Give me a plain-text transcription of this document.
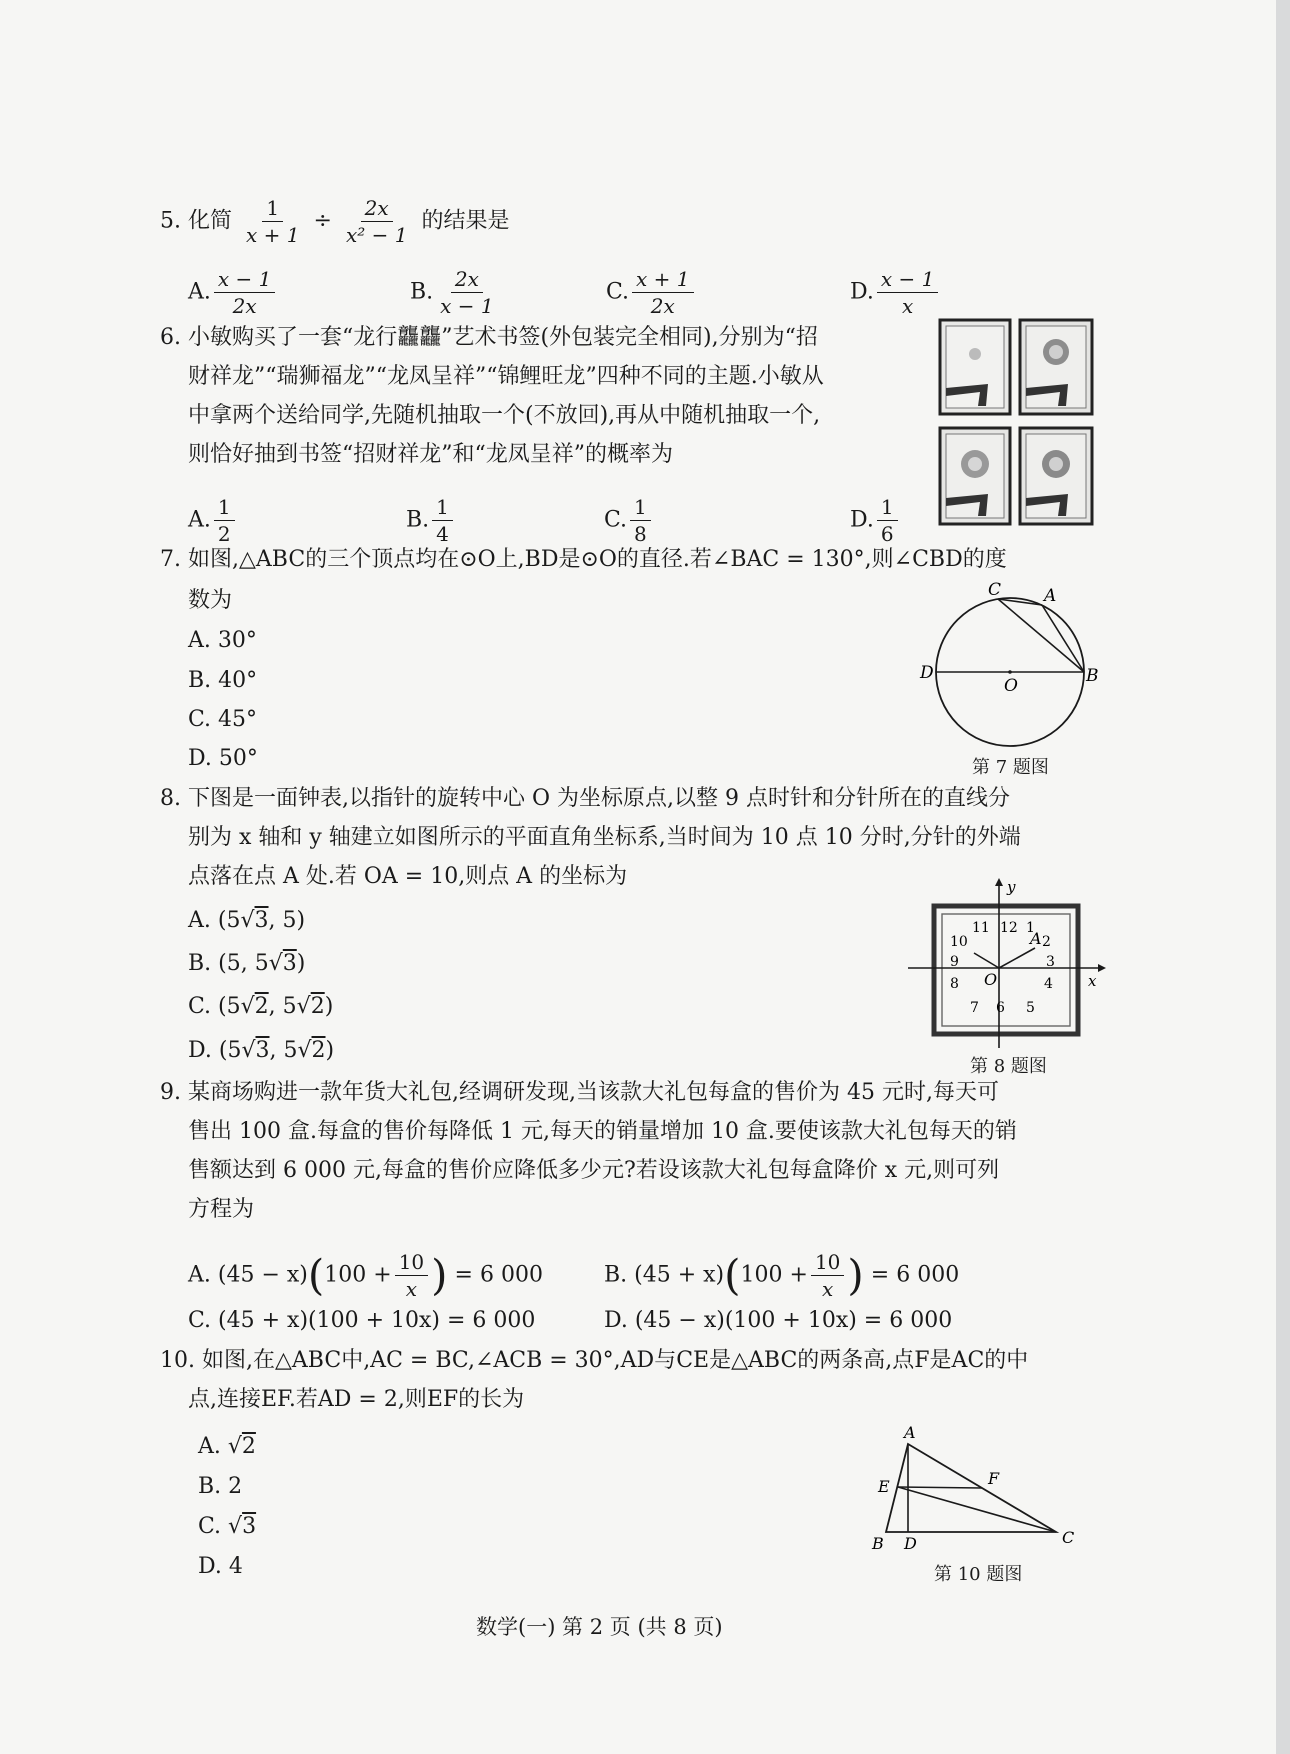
5. 化简 $\frac{1}{x + 1} \div \frac{2x}{\text{x² − 1}}$ 的结果是
A. $\frac{x - 1}{2x}$	B. $\frac{2x}{x - 1}$	C. $\frac{x + 1}{2x}$	D. $\frac{x - 1}{x}$
6. 小敏购买了一套“龙行龘龘”艺术书签(外包装完全相同),分别为“招
财祥龙”“瑞狮福龙”“龙凤呈祥”“锦鲤旺龙”四种不同的主题.小敏从
中拿两个送给同学,先随机抽取一个(不放回),再从中随机抽取一个,
则恰好抽到书签“招财祥龙”和“龙凤呈祥”的概率为
A. $\frac{1}{2}$	B. $\frac{1}{4}$	C. $\frac{1}{8}$	D. $\frac{1}{6}$
7. 如图,△ABC的三个顶点均在⊙O上,BD是⊙O的直径.若∠BAC = 130°,则∠CBD的度
数为
A. 30°
B. 40°
C. 45°
D. 50°
C	A
D
O	B
第 7 题图
8. 下图是一面钟表,以指针的旋转中心 O 为坐标原点,以整 9 点时针和分针所在的直线分
别为 x 轴和 y 轴建立如图所示的平面直角坐标系,当时间为 10 点 10 分时,分针的外端
点落在点 A 处.若 OA = 10,则点 A 的坐标为
A. (5√3, 5)
B. (5, 5√3)
C. (5√2, 5√2)
D. (5√3, 5√2)
y
x
O
A
11 12 1
10	2
9	3
8	4
7 6 5
第 8 题图
9. 某商场购进一款年货大礼包,经调研发现,当该款大礼包每盒的售价为 45 元时,每天可
售出 100 盒.每盒的售价每降低 1 元,每天的销量增加 10 盒.要使该款大礼包每天的销
售额达到 6 000 元,每盒的售价应降低多少元?若设该款大礼包每盒降价 x 元,则可列
方程为
A. $(45 - x)(100 + \frac{10}{x}$ ) = 6 000	B. $(45 + x)(100 + \frac{10}{x}$ ) = 6 000
C. (45 + x)(100 + 10x) = 6 000	D. (45 − x)(100 + 10x) = 6 000
10. 如图,在△ABC中,AC = BC,∠ACB = 30°,AD与CE是△ABC的两条高,点F是AC的中
点,连接EF.若AD = 2,则EF的长为
A. √2
B. 2
C. √3
D. 4
A
E	F
B D	C
第 10 题图
数学(一) 第 2 页 (共 8 页)
